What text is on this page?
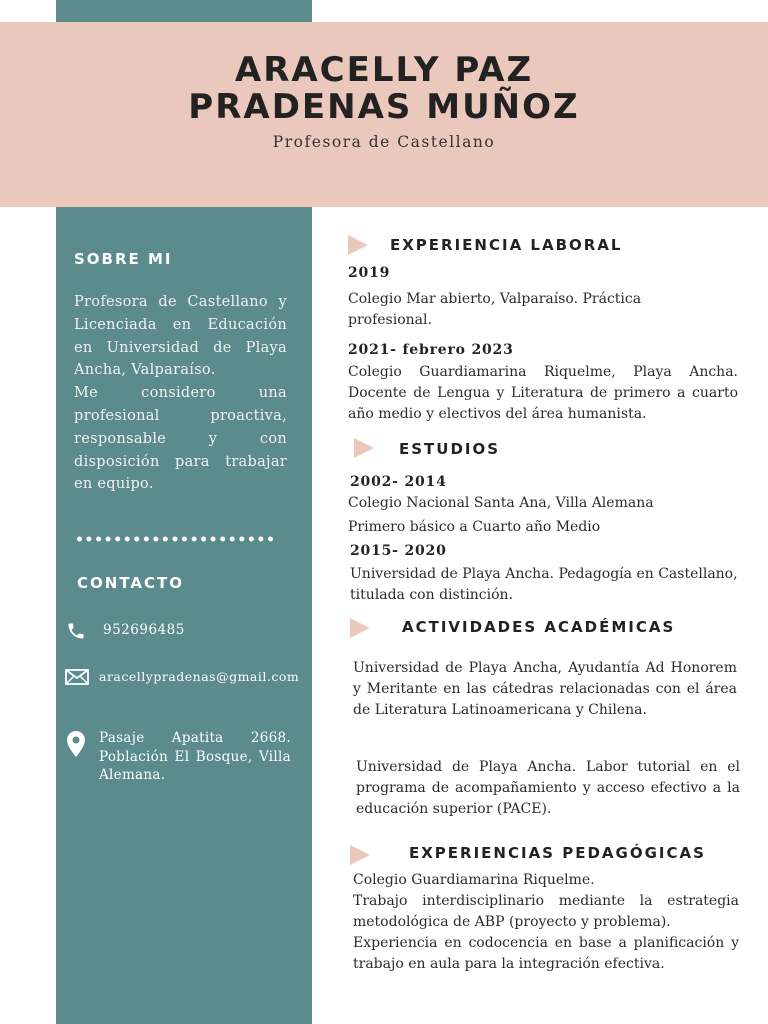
ARACELLY PAZ
PRADENAS MUÑOZ
Profesora de Castellano
SOBRE MI
Profesora de Castellano y Licenciada en Educación en Universidad de Playa Ancha, Valparaíso.
Me considero una profesional proactiva, responsable y con disposición para trabajar en equipo.
•••••••••••••••••••••
CONTACTO
952696485
aracellypradenas@gmail.com
Pasaje Apatita 2668. Población El Bosque, Villa Alemana.
EXPERIENCIA LABORAL
2019
Colegio Mar abierto, Valparaíso. Práctica profesional.
2021- febrero 2023
Colegio Guardiamarina Riquelme, Playa Ancha. Docente de Lengua y Literatura de primero a cuarto año medio y electivos del área humanista.
ESTUDIOS
2002- 2014
Colegio Nacional Santa Ana, Villa Alemana
Primero básico a Cuarto año Medio
2015- 2020
Universidad de Playa Ancha. Pedagogía en Castellano, titulada con distinción.
ACTIVIDADES ACADÉMICAS
Universidad de Playa Ancha, Ayudantía Ad Honorem y Meritante en las cátedras relacionadas con el área de Literatura Latinoamericana y Chilena.
Universidad de Playa Ancha. Labor tutorial en el programa de acompañamiento y acceso efectivo a la educación superior (PACE).
EXPERIENCIAS PEDAGÓGICAS
Colegio Guardiamarina Riquelme.
Trabajo interdisciplinario mediante la estrategia metodológica de ABP (proyecto y problema).
Experiencia en codocencia en base a planificación y trabajo en aula para la integración efectiva.
